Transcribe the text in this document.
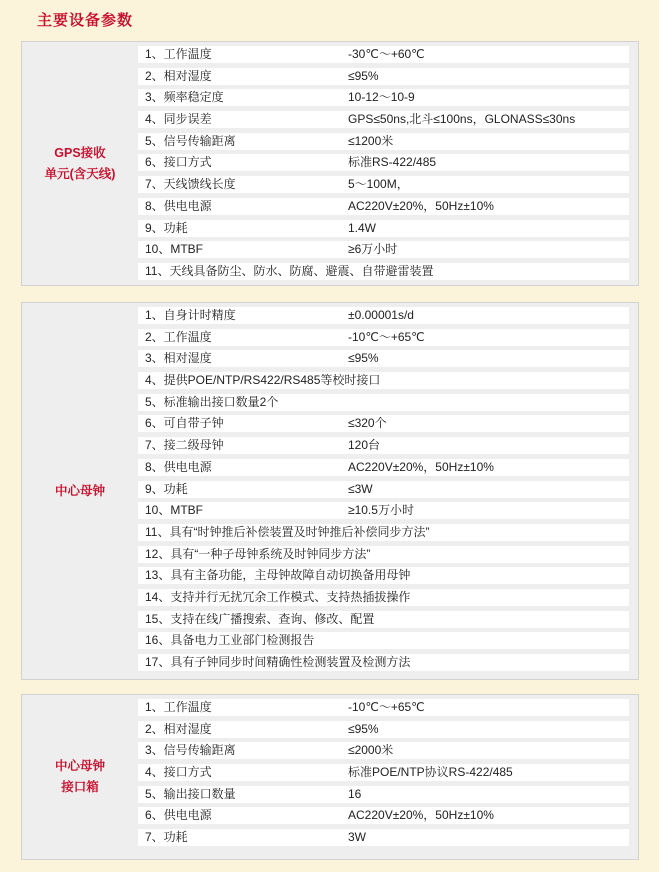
主要设备参数
GPS接收
单元(含天线)
1、工作温度	-30℃～+60℃
2、相对湿度	≤95%
3、频率稳定度	10-12～10-9
4、同步误差	GPS≤50ns,北斗≤100ns，GLONASS≤30ns
5、信号传输距离	≤1200米
6、接口方式	标准RS-422/485
7、天线馈线长度	5～100M，
8、供电电源	AC220V±20%，50Hz±10%
9、功耗	1.4W
10、MTBF	≥6万小时
11、天线具备防尘、防水、防腐、避震、自带避雷装置
中心母钟
1、自身计时精度	±0.00001s/d
2、工作温度	-10℃～+65℃
3、相对湿度	≤95%
4、提供POE/NTP/RS422/RS485等校时接口
5、标准输出接口数量2个
6、可自带子钟	≤320个
7、接二级母钟	120台
8、供电电源	AC220V±20%，50Hz±10%
9、功耗	≤3W
10、MTBF	≥10.5万小时
11、具有“时钟推后补偿装置及时钟推后补偿同步方法”
12、具有“一种子母钟系统及时钟同步方法”
13、具有主备功能，主母钟故障自动切换备用母钟
14、支持并行无扰冗余工作模式、支持热插拔操作
15、支持在线广播搜索、查询、修改、配置
16、具备电力工业部门检测报告
17、具有子钟同步时间精确性检测装置及检测方法
中心母钟
接口箱
1、工作温度	-10℃～+65℃
2、相对湿度	≤95%
3、信号传输距离	≤2000米
4、接口方式	标准POE/NTP协议RS-422/485
5、输出接口数量	16
6、供电电源	AC220V±20%，50Hz±10%
7、功耗	3W
